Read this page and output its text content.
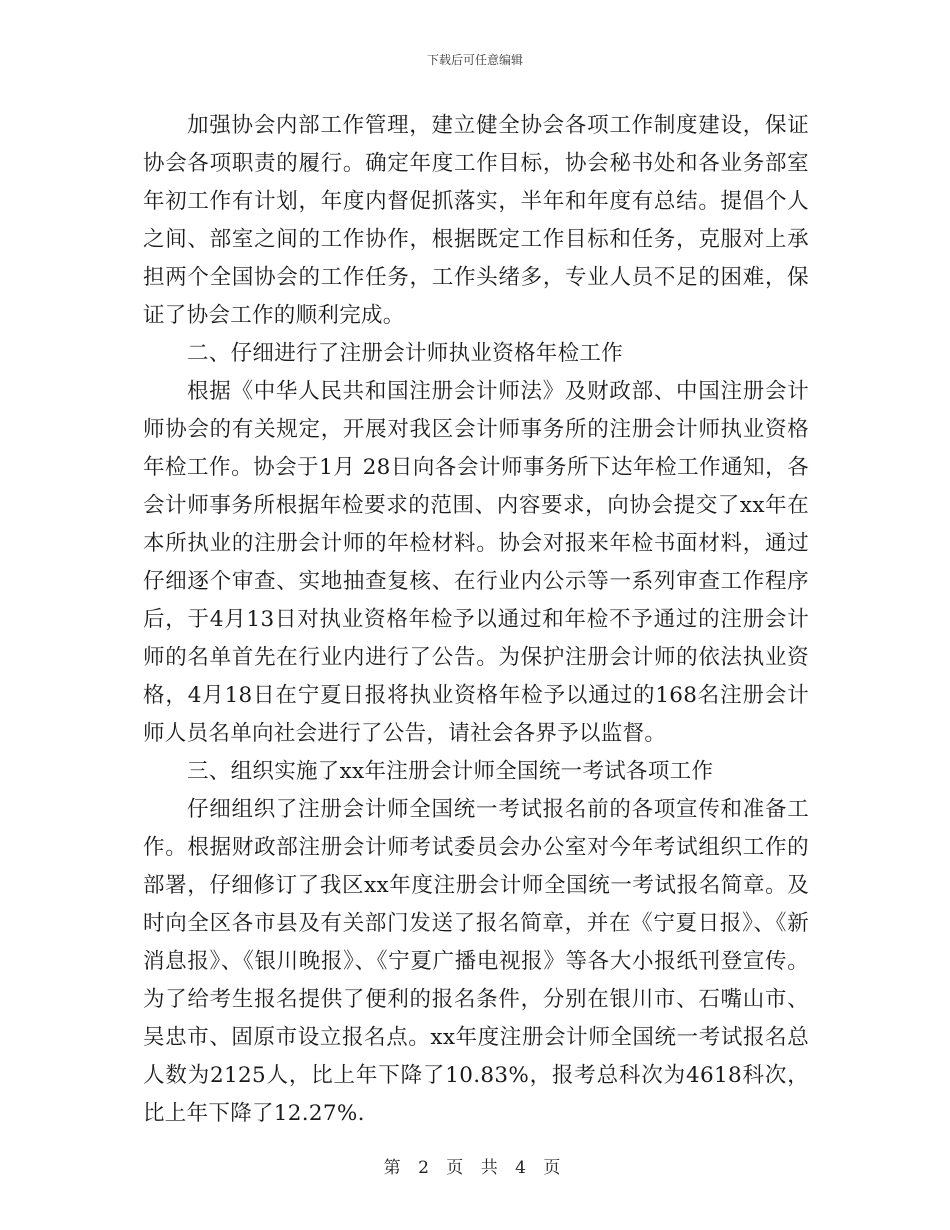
下载后可任意编辑

加强协会内部工作管理，建立健全协会各项工作制度建设，保证协会各项职责的履行。确定年度工作目标，协会秘书处和各业务部室年初工作有计划，年度内督促抓落实，半年和年度有总结。提倡个人之间、部室之间的工作协作，根据既定工作目标和任务，克服对上承担两个全国协会的工作任务，工作头绪多，专业人员不足的困难，保证了协会工作的顺利完成。

二、仔细进行了注册会计师执业资格年检工作

根据《中华人民共和国注册会计师法》及财政部、中国注册会计师协会的有关规定，开展对我区会计师事务所的注册会计师执业资格年检工作。协会于1月 28日向各会计师事务所下达年检工作通知，各会计师事务所根据年检要求的范围、内容要求，向协会提交了xx年在本所执业的注册会计师的年检材料。协会对报来年检书面材料，通过仔细逐个审查、实地抽查复核、在行业内公示等一系列审查工作程序后，于4月13日对执业资格年检予以通过和年检不予通过的注册会计师的名单首先在行业内进行了公告。为保护注册会计师的依法执业资格，4月18日在宁夏日报将执业资格年检予以通过的168名注册会计师人员名单向社会进行了公告，请社会各界予以监督。

三、组织实施了xx年注册会计师全国统一考试各项工作

仔细组织了注册会计师全国统一考试报名前的各项宣传和准备工作。根据财政部注册会计师考试委员会办公室对今年考试组织工作的部署，仔细修订了我区xx年度注册会计师全国统一考试报名简章。及时向全区各市县及有关部门发送了报名简章，并在《宁夏日报》、《新消息报》、《银川晚报》、《宁夏广播电视报》等各大小报纸刊登宣传。为了给考生报名提供了便利的报名条件，分别在银川市、石嘴山市、吴忠市、固原市设立报名点。xx年度注册会计师全国统一考试报名总人数为2125人，比上年下降了10.83%，报考总科次为4618科次，比上年下降了12.27%.

第 2 页 共 4 页
